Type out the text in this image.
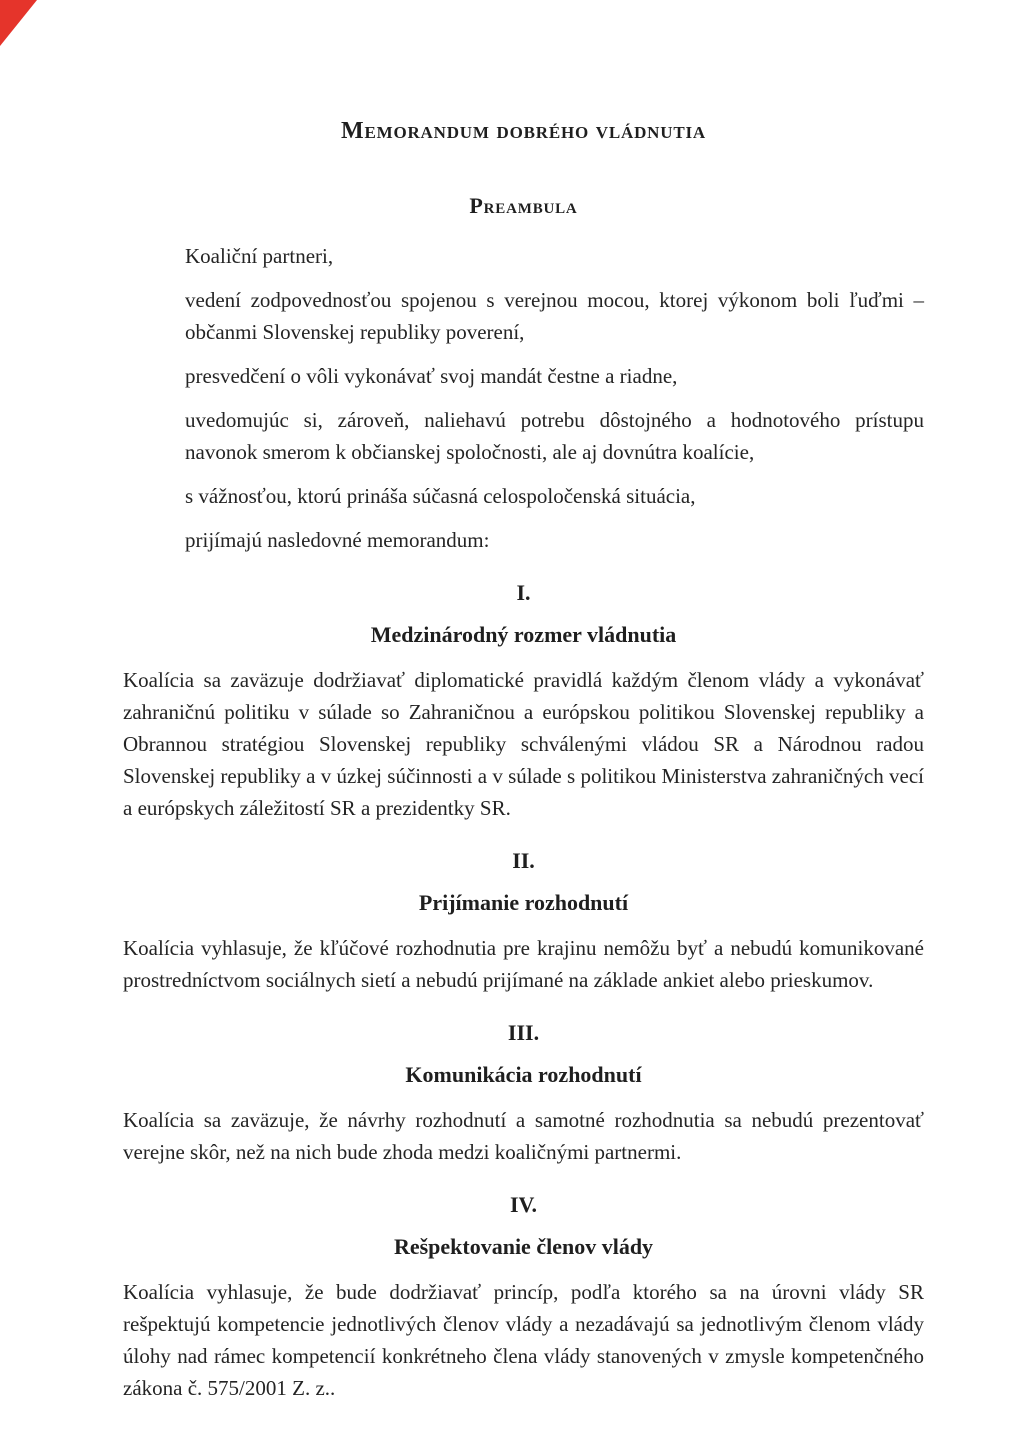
Memorandum dobrého vládnutia
Preambula

Koaliční partneri,

vedení zodpovednosťou spojenou s verejnou mocou, ktorej výkonom boli ľuďmi – občanmi Slovenskej republiky poverení,

presvedčení o vôli vykonávať svoj mandát čestne a riadne,

uvedomujúc si, zároveň, naliehavú potrebu dôstojného a hodnotového prístupu navonok smerom k občianskej spoločnosti, ale aj dovnútra koalície,

s vážnosťou, ktorú prináša súčasná celospoločenská situácia,

prijímajú nasledovné memorandum:

I.
Medzinárodný rozmer vládnutia

Koalícia sa zaväzuje dodržiavať diplomatické pravidlá každým členom vlády a vykonávať zahraničnú politiku v súlade so Zahraničnou a európskou politikou Slovenskej republiky a Obrannou stratégiou Slovenskej republiky schválenými vládou SR a Národnou radou Slovenskej republiky a v úzkej súčinnosti a v súlade s politikou Ministerstva zahraničných vecí a európskych záležitostí SR a prezidentky SR.

II.
Prijímanie rozhodnutí

Koalícia vyhlasuje, že kľúčové rozhodnutia pre krajinu nemôžu byť a nebudú komunikované prostredníctvom sociálnych sietí a nebudú prijímané na základe ankiet alebo prieskumov.

III.
Komunikácia rozhodnutí

Koalícia sa zaväzuje, že návrhy rozhodnutí a samotné rozhodnutia sa nebudú prezentovať verejne skôr, než na nich bude zhoda medzi koaličnými partnermi.

IV.
Rešpektovanie členov vlády

Koalícia vyhlasuje, že bude dodržiavať princíp, podľa ktorého sa na úrovni vlády SR rešpektujú kompetencie jednotlivých členov vlády a nezadávajú sa jednotlivým členom vlády úlohy nad rámec kompetencií konkrétneho člena vlády stanovených v zmysle kompetenčného zákona č. 575/2001 Z. z..
